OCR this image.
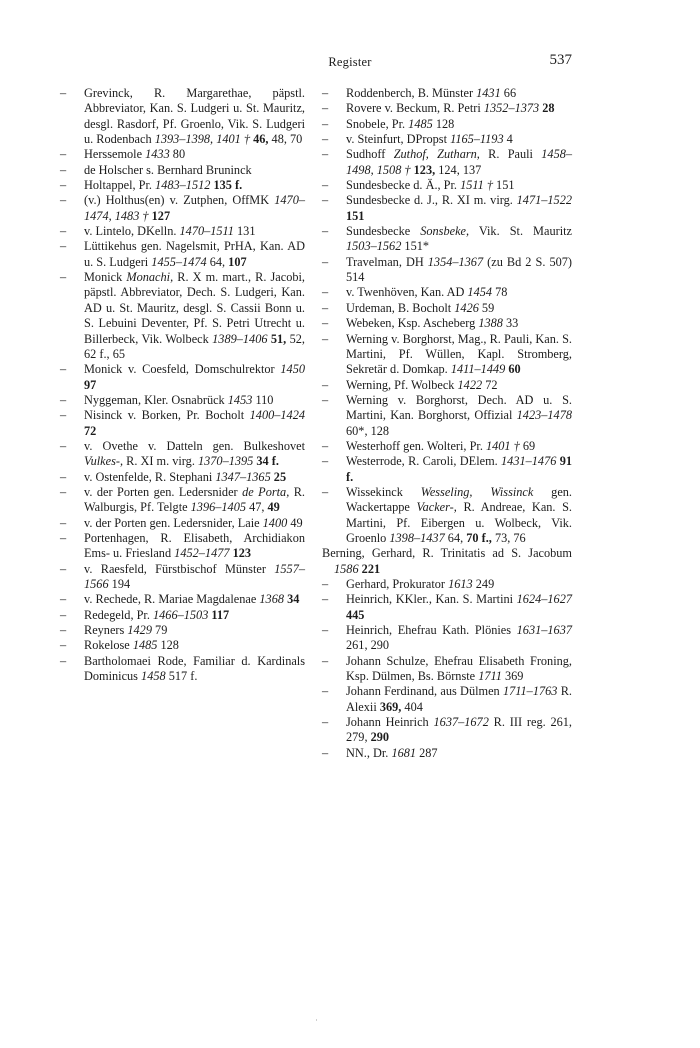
Register	537
– Grevinck, R. Margarethae, päpstl. Abbreviator, Kan. S. Ludgeri u. St. Mauritz, desgl. Rasdorf, Pf. Groenlo, Vik. S. Ludgeri u. Rodenbach 1393–1398, 1401 † 46, 48, 70
– Herssemole 1433 80
– de Holscher s. Bernhard Bruninck
– Holtappel, Pr. 1483–1512 135 f.
– (v.) Holthus(en) v. Zutphen, OffMK 1470–1474, 1483 † 127
– v. Lintelo, DKelln. 1470–1511 131
– Lüttikehus gen. Nagelsmit, PrHA, Kan. AD u. S. Ludgeri 1455–1474 64, 107
– Monick Monachi, R. X m. mart., R. Jacobi, päpstl. Abbreviator, Dech. S. Ludgeri, Kan. AD u. St. Mauritz, desgl. S. Cassii Bonn u. S. Lebuini Deventer, Pf. S. Petri Utrecht u. Billerbeck, Vik. Wolbeck 1389–1406 51, 52, 62 f., 65
– Monick v. Coesfeld, Domschulrektor 1450 97
– Nyggeman, Kler. Osnabrück 1453 110
– Nisinck v. Borken, Pr. Bocholt 1400–1424 72
– v. Ovethe v. Datteln gen. Bulkeshovet Vulkes-, R. XI m. virg. 1370–1395 34 f.
– v. Ostenfelde, R. Stephani 1347–1365 25
– v. der Porten gen. Ledersnider de Porta, R. Walburgis, Pf. Telgte 1396–1405 47, 49
– v. der Porten gen. Ledersnider, Laie 1400 49
– Portenhagen, R. Elisabeth, Archidiakon Ems- u. Friesland 1452–1477 123
– v. Raesfeld, Fürstbischof Münster 1557–1566 194
– v. Rechede, R. Mariae Magdalenae 1368 34
– Redegeld, Pr. 1466–1503 117
– Reyners 1429 79
– Rokelose 1485 128
– Bartholomaei Rode, Familiar d. Kardinals Dominicus 1458 517 f.
– Roddenberch, B. Münster 1431 66
– Rovere v. Beckum, R. Petri 1352–1373 28
– Snobele, Pr. 1485 128
– v. Steinfurt, DPropst 1165–1193 4
– Sudhoff Zuthof, Zutharn, R. Pauli 1458–1498, 1508 † 123, 124, 137
– Sundesbecke d. Ä., Pr. 1511 † 151
– Sundesbecke d. J., R. XI m. virg. 1471–1522 151
– Sundesbecke Sonsbeke, Vik. St. Mauritz 1503–1562 151*
– Travelman, DH 1354–1367 (zu Bd 2 S. 507) 514
– v. Twenhöven, Kan. AD 1454 78
– Urdeman, B. Bocholt 1426 59
– Webeken, Ksp. Ascheberg 1388 33
– Werning v. Borghorst, Mag., R. Pauli, Kan. S. Martini, Pf. Wüllen, Kapl. Stromberg, Sekretär d. Domkap. 1411–1449 60
– Werning, Pf. Wolbeck 1422 72
– Werning v. Borghorst, Dech. AD u. S. Martini, Kan. Borghorst, Offizial 1423–1478 60*, 128
– Westerhoff gen. Wolteri, Pr. 1401 † 69
– Westerrode, R. Caroli, DElem. 1431–1476 91 f.
– Wissekinck Wesseling, Wissinck gen. Wackertappe Vacker-, R. Andreae, Kan. S. Martini, Pf. Eibergen u. Wolbeck, Vik. Groenlo 1398–1437 64, 70 f., 73, 76
Berning, Gerhard, R. Trinitatis ad S. Jacobum 1586 221
– Gerhard, Prokurator 1613 249
– Heinrich, KKler., Kan. S. Martini 1624–1627 445
– Heinrich, Ehefrau Kath. Plönies 1631–1637 261, 290
– Johann Schulze, Ehefrau Elisabeth Froning, Ksp. Dülmen, Bs. Börnste 1711 369
– Johann Ferdinand, aus Dülmen 1711–1763 R. Alexii 369, 404
– Johann Heinrich 1637–1672 R. III reg. 261, 279, 290
– NN., Dr. 1681 287
